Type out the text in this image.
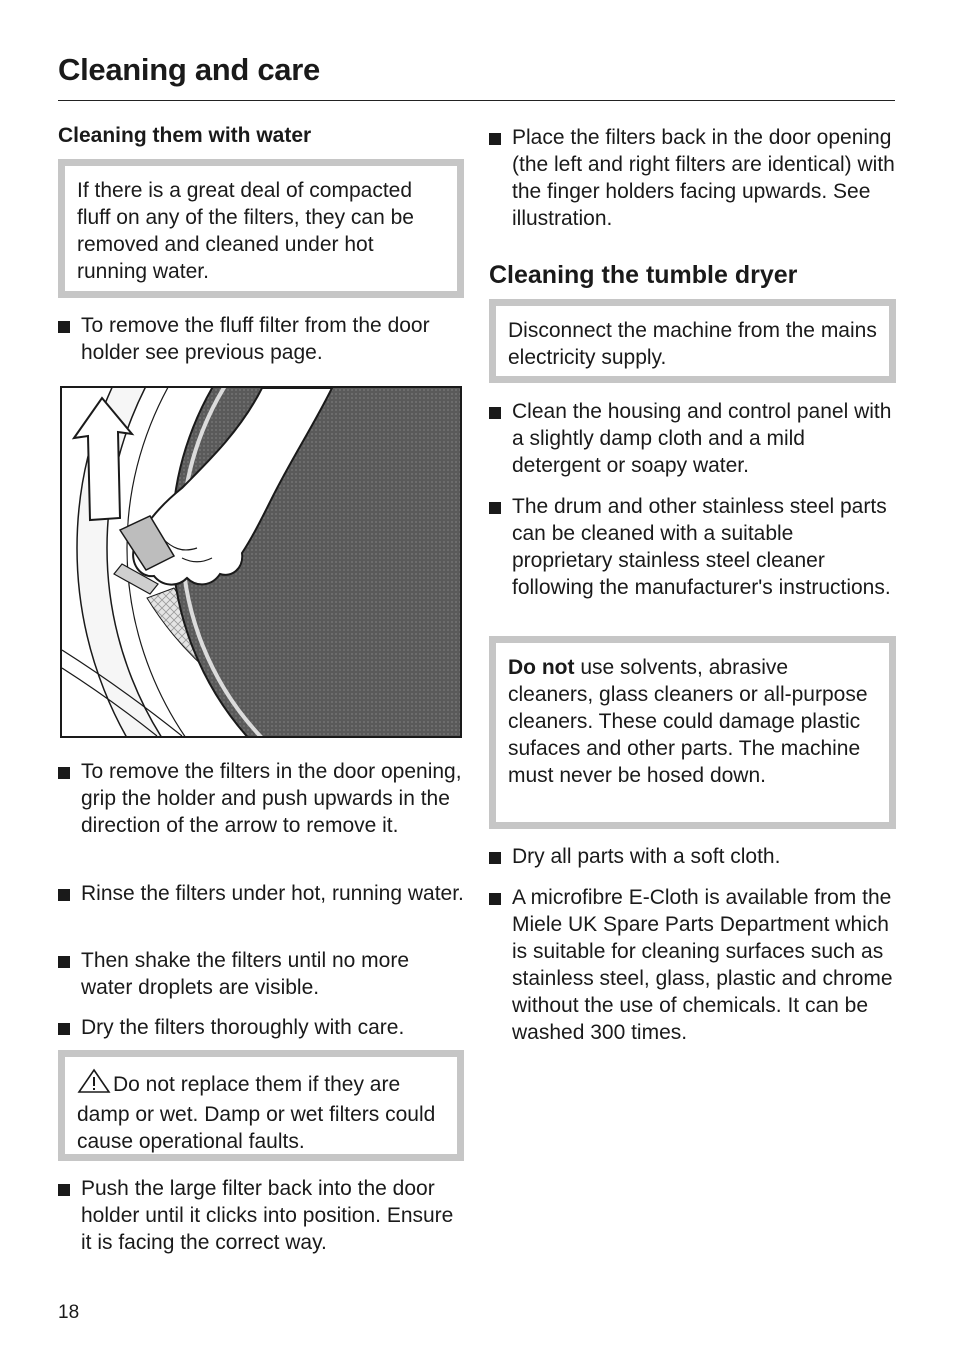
Cleaning and care
Cleaning them with water
If there is a great deal of compacted fluff on any of the filters, they can be removed and cleaned under hot running water.
To remove the fluff filter from the door holder see previous page.
To remove the filters in the door opening, grip the holder and push upwards in the direction of the arrow to remove it.
Rinse the filters under hot, running water.
Then shake the filters until no more water droplets are visible.
Dry the filters thoroughly with care.
Do not replace them if they are damp or wet. Damp or wet filters could cause operational faults.
Push the large filter back into the door holder until it clicks into position. Ensure it is facing the correct way.
Place the filters back in the door opening (the left and right filters are identical) with the finger holders facing upwards. See illustration.
Cleaning the tumble dryer
Disconnect the machine from the mains electricity supply.
Clean the housing and control panel with a slightly damp cloth and a mild detergent or soapy water.
The drum and other stainless steel parts can be cleaned with a suitable proprietary stainless steel cleaner following the manufacturer's instructions.
Do not use solvents, abrasive cleaners, glass cleaners or all-purpose cleaners. These could damage plastic sufaces and other parts. The machine must never be hosed down.
Dry all parts with a soft cloth.
A microfibre E-Cloth is available from the Miele UK Spare Parts Department which is suitable for cleaning surfaces such as stainless steel, glass, plastic and chrome without the use of chemicals. It can be washed 300 times.
18
